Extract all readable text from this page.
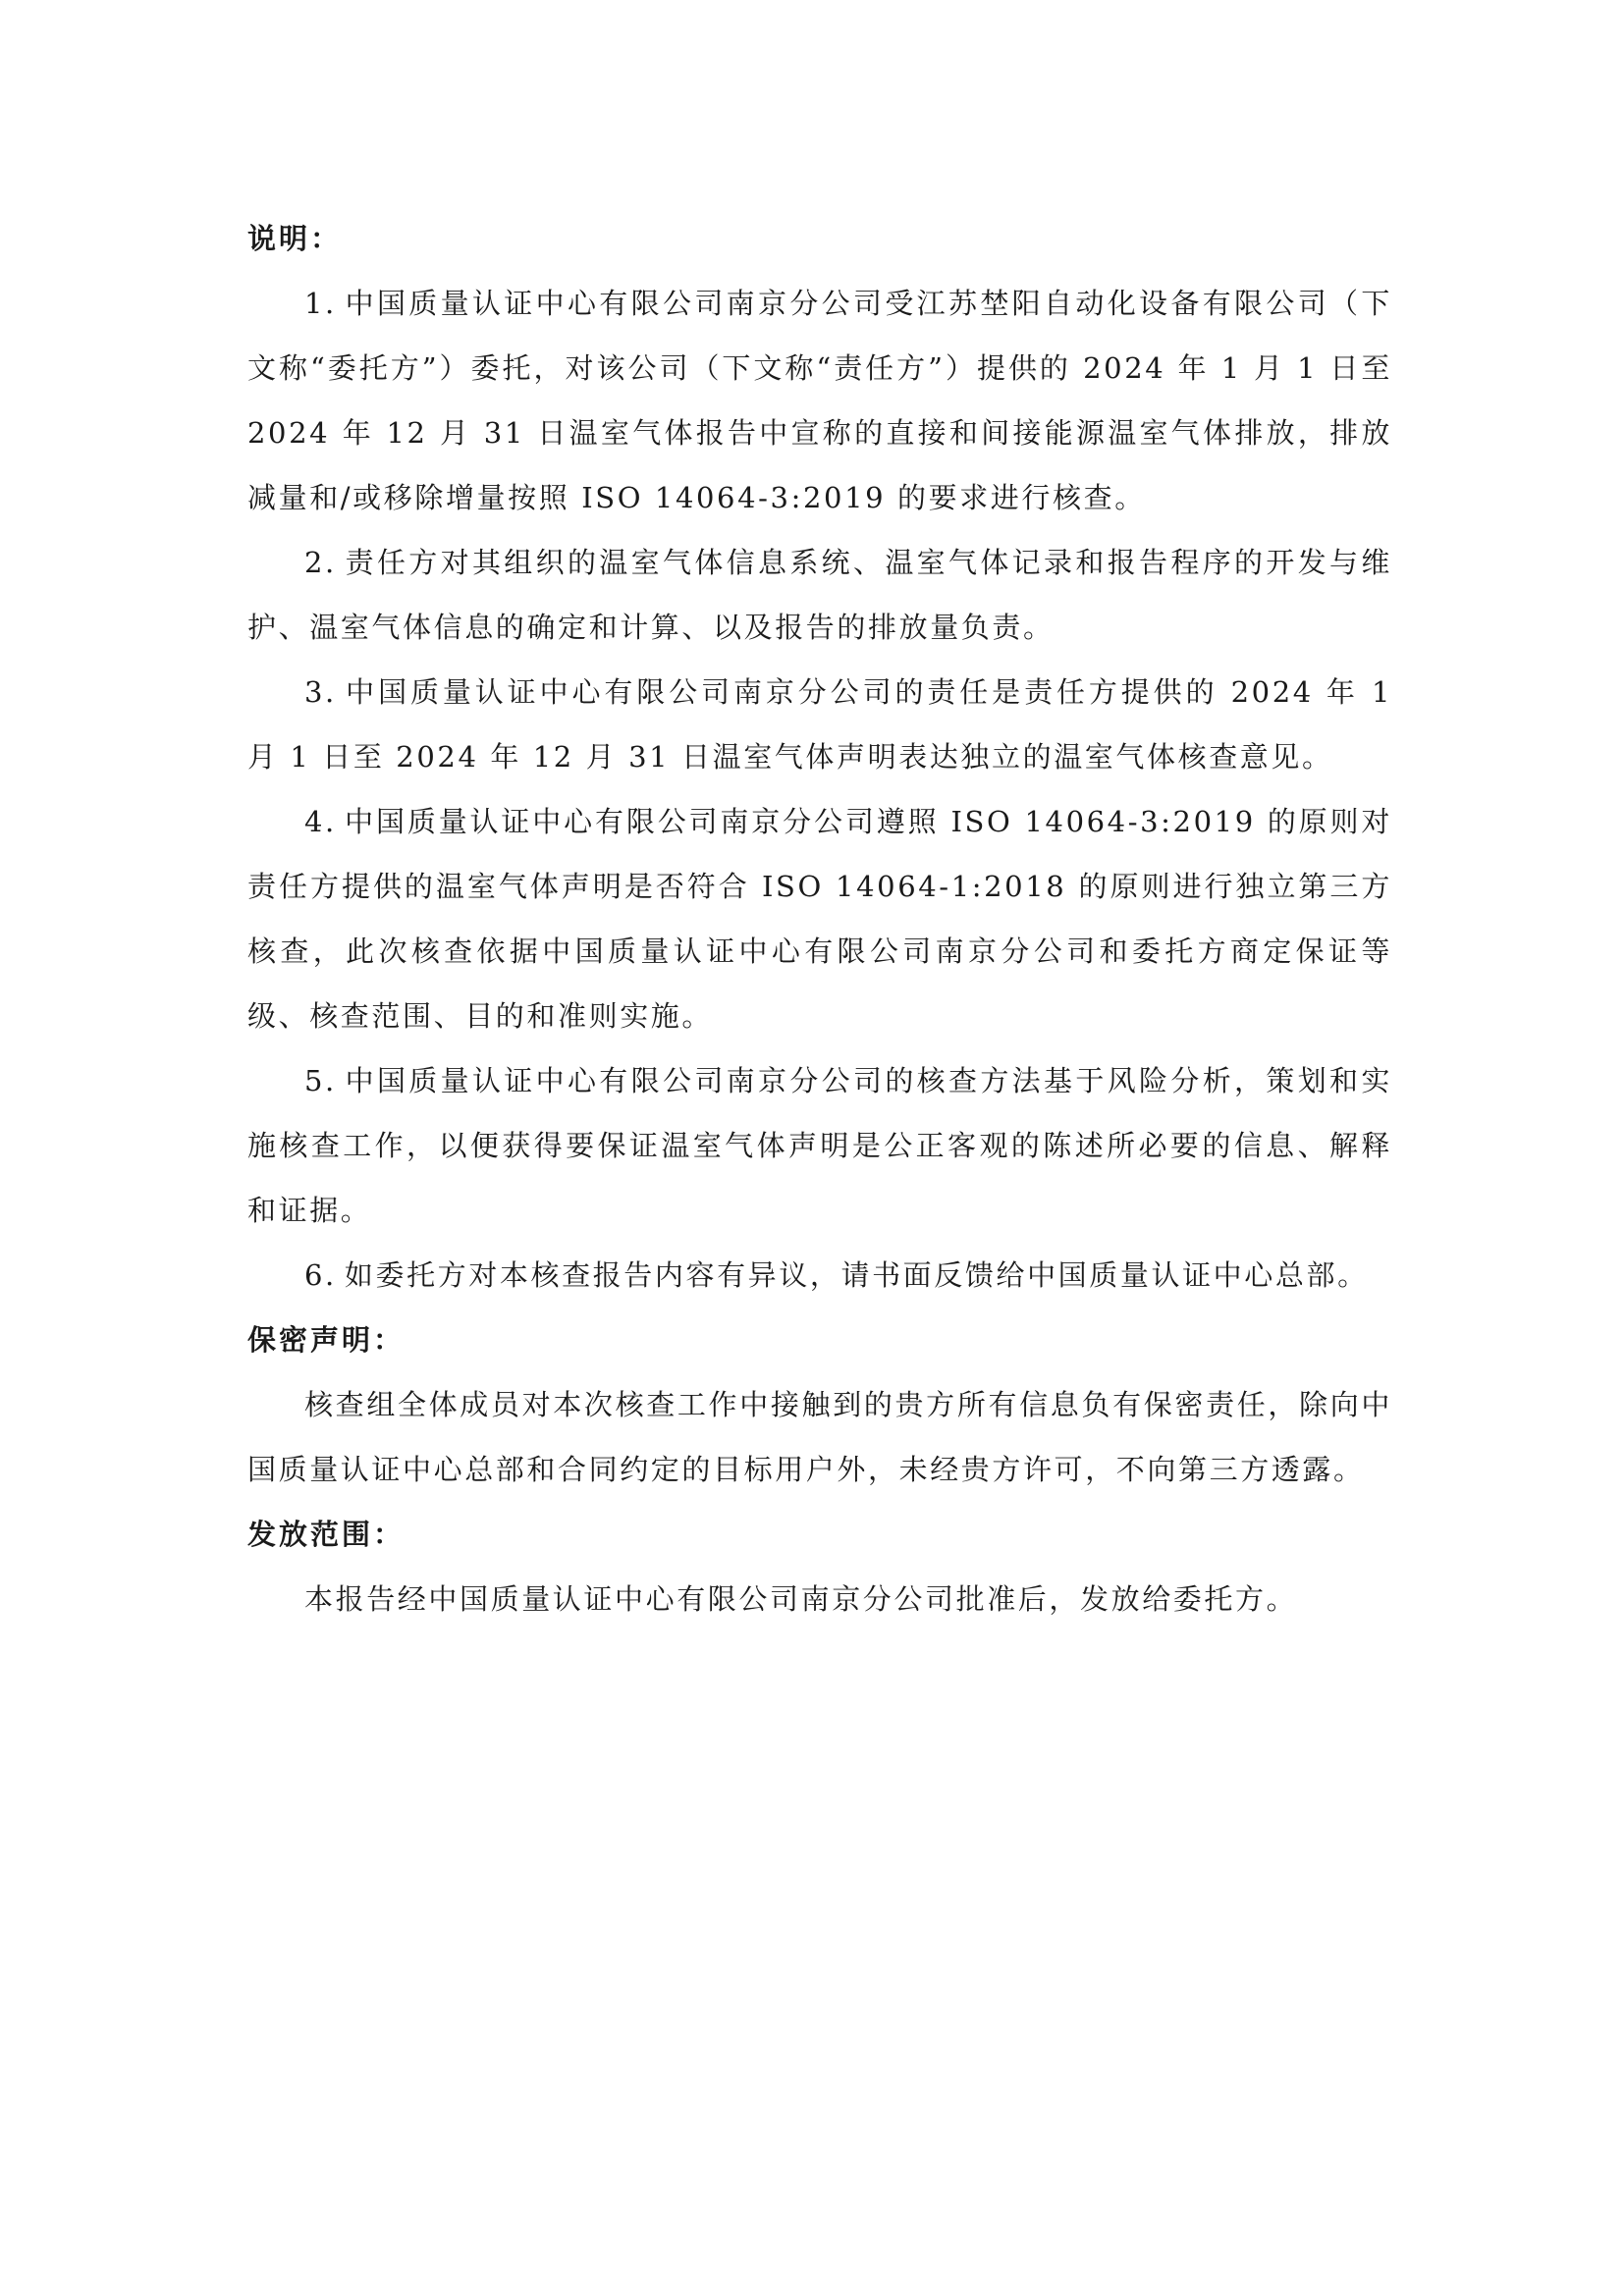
说明：

1. 中国质量认证中心有限公司南京分公司受江苏埜阳自动化设备有限公司（下文称“委托方”）委托，对该公司（下文称“责任方”）提供的 2024 年 1 月 1 日至 2024 年 12 月 31 日温室气体报告中宣称的直接和间接能源温室气体排放，排放减量和/或移除增量按照 ISO 14064-3:2019 的要求进行核查。

2. 责任方对其组织的温室气体信息系统、温室气体记录和报告程序的开发与维护、温室气体信息的确定和计算、以及报告的排放量负责。

3. 中国质量认证中心有限公司南京分公司的责任是责任方提供的 2024 年 1 月 1 日至 2024 年 12 月 31 日温室气体声明表达独立的温室气体核查意见。

4. 中国质量认证中心有限公司南京分公司遵照 ISO 14064-3:2019 的原则对责任方提供的温室气体声明是否符合 ISO 14064-1:2018 的原则进行独立第三方核查，此次核查依据中国质量认证中心有限公司南京分公司和委托方商定保证等级、核查范围、目的和准则实施。

5. 中国质量认证中心有限公司南京分公司的核查方法基于风险分析，策划和实施核查工作，以便获得要保证温室气体声明是公正客观的陈述所必要的信息、解释和证据。

6. 如委托方对本核查报告内容有异议，请书面反馈给中国质量认证中心总部。

保密声明：

核查组全体成员对本次核查工作中接触到的贵方所有信息负有保密责任，除向中国质量认证中心总部和合同约定的目标用户外，未经贵方许可，不向第三方透露。

发放范围：

本报告经中国质量认证中心有限公司南京分公司批准后，发放给委托方。
